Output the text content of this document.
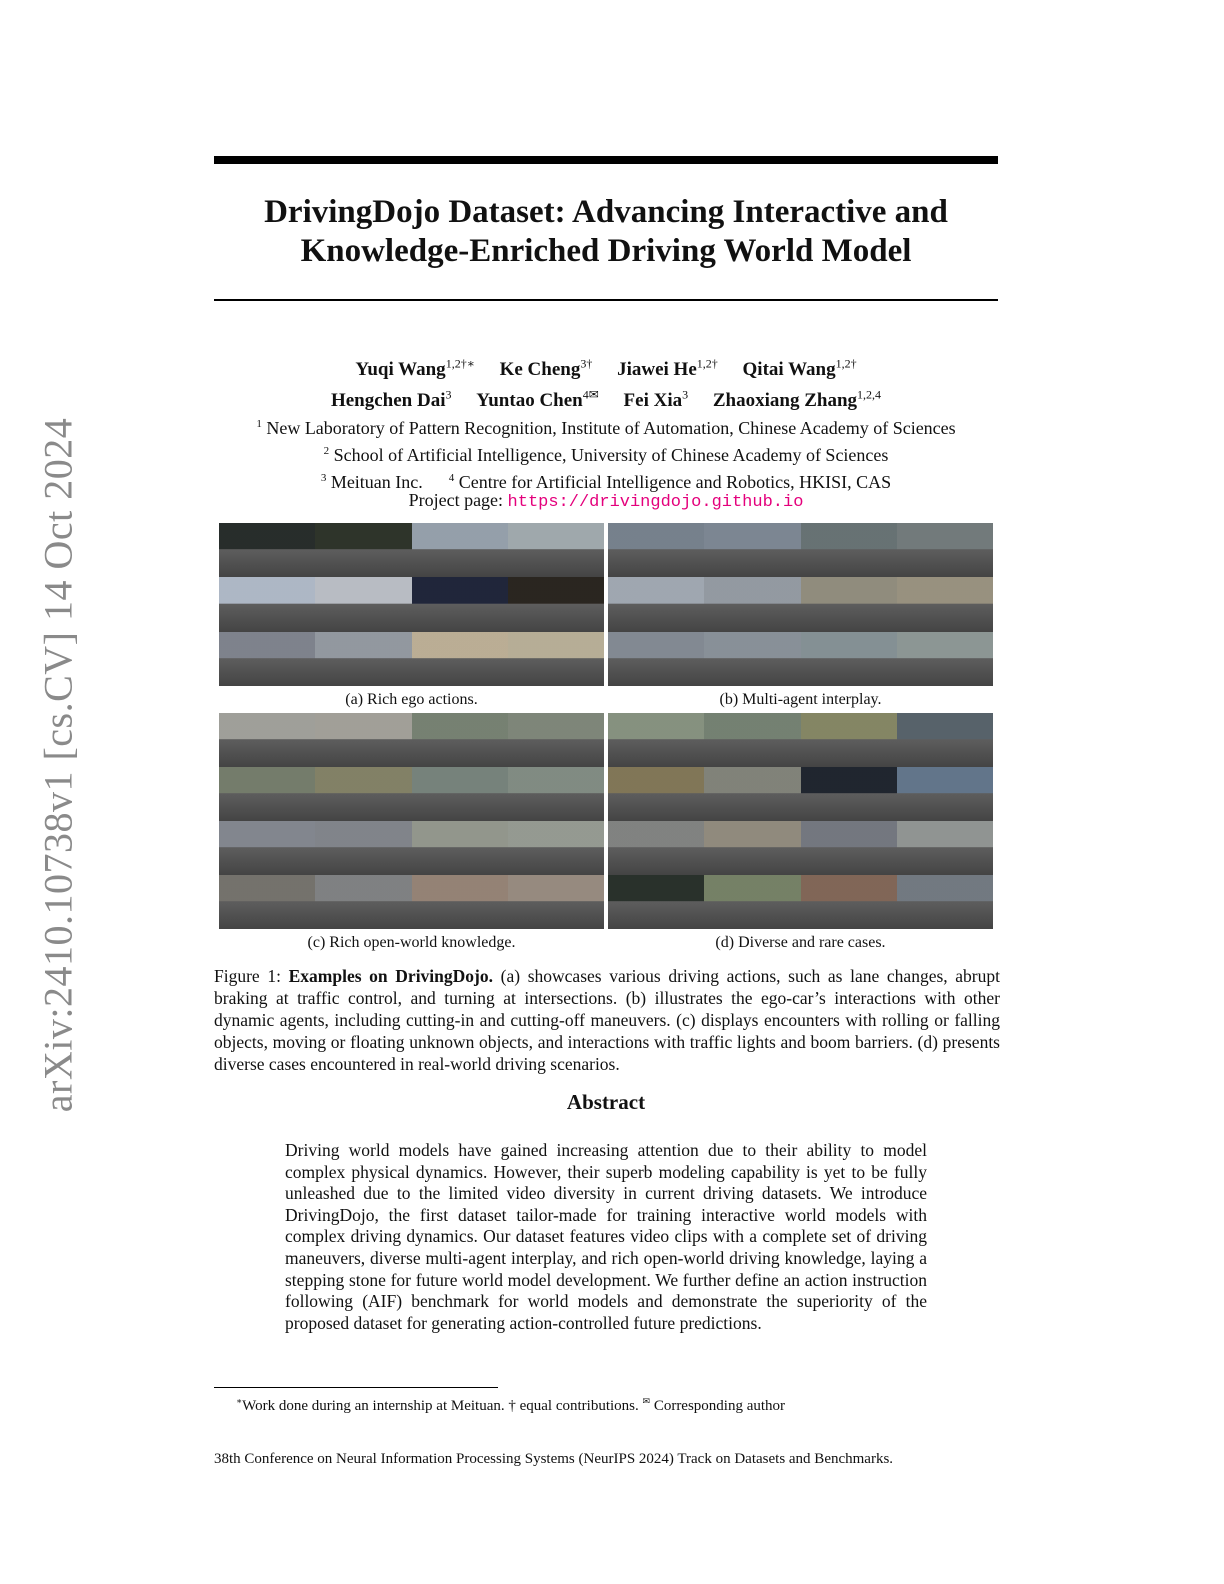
arXiv:2410.10738v1 [cs.CV] 14 Oct 2024
DrivingDojo Dataset: Advancing Interactive and
Knowledge-Enriched Driving World Model
Yuqi Wang$^{1,2\dagger∗}$ Ke Cheng$^{3\dagger}$ Jiawei $He^{1,2\dagger}$ Qitai Wang$^{1,2\dagger}$
Hengchen Dai$^3$ Yuntao Chen$^{4✉}$ Fei Xia$^3$ Zhaoxiang Zhang$^{1,2,4}$
$^1$ New Laboratory of Pattern Recognition, Institute of Automation, Chinese Academy of Sciences
$^2$ School of Artificial Intelligence, University of Chinese Academy of Sciences
$^3$ Meituan Inc. $^4$ Centre for Artificial Intelligence and Robotics, HKISI, CAS
Project page: https://drivingdojo.github.io
(a) Rich ego actions.	(b) Multi-agent interplay.
(c) Rich open-world knowledge.	(d) Diverse and rare cases.
Figure 1: Examples on DrivingDojo. (a) showcases various driving actions, such as lane changes, abrupt braking at traffic control, and turning at intersections. (b) illustrates the ego-car’s interactions with other dynamic agents, including cutting-in and cutting-off maneuvers. (c) displays encounters with rolling or falling objects, moving or floating unknown objects, and interactions with traffic lights and boom barriers. (d) presents diverse cases encountered in real-world driving scenarios.
Abstract
Driving world models have gained increasing attention due to their ability to model complex physical dynamics. However, their superb modeling capability is yet to be fully unleashed due to the limited video diversity in current driving datasets. We introduce DrivingDojo, the first dataset tailor-made for training interactive world models with complex driving dynamics. Our dataset features video clips with a complete set of driving maneuvers, diverse multi-agent interplay, and rich open-world driving knowledge, laying a stepping stone for future world model development. We further define an action instruction following (AIF) benchmark for world models and demonstrate the superiority of the proposed dataset for generating action-controlled future predictions.
∗Work done during an internship at Meituan. † equal contributions. ✉ Corresponding author
38th Conference on Neural Information Processing Systems (NeurIPS 2024) Track on Datasets and Benchmarks.
